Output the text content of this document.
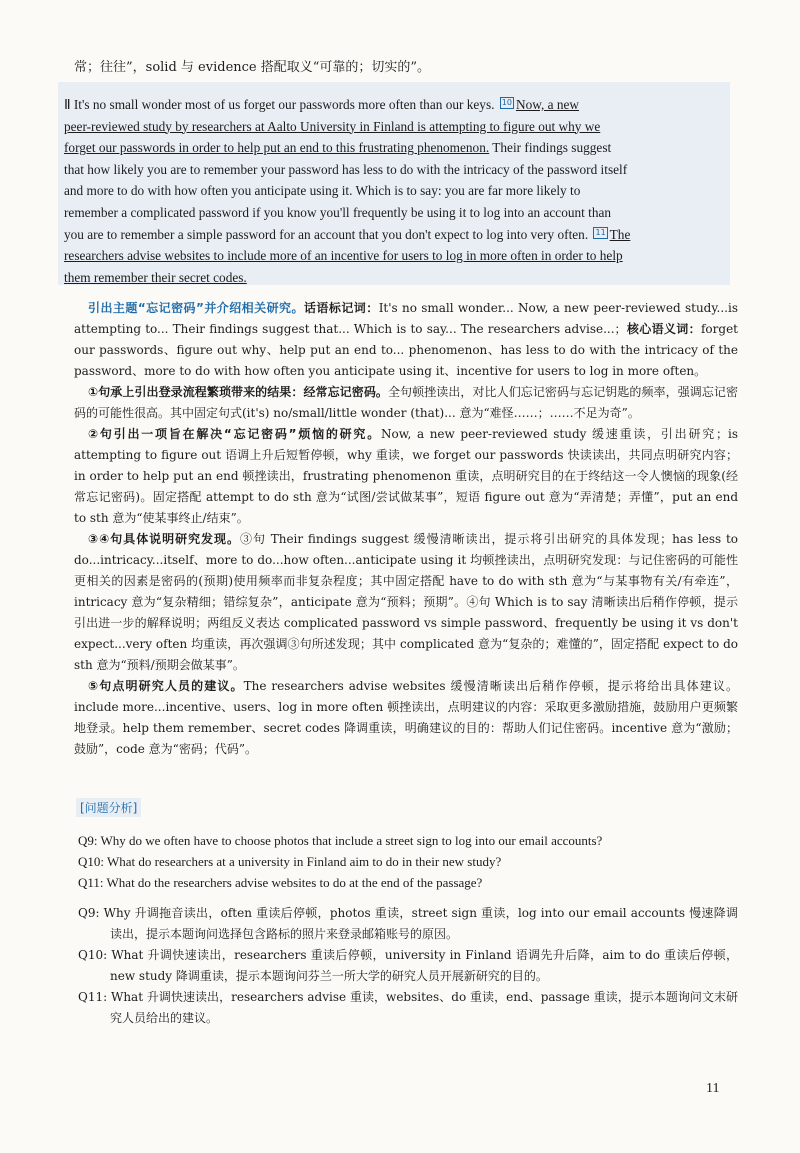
常；往往”，solid 与 evidence 搭配取义“可靠的；切实的”。
Ⅱ It's no small wonder most of us forget our passwords more often than our keys. 10 Now, a new
peer-reviewed study by researchers at Aalto University in Finland is attempting to figure out why we
forget our passwords in order to help put an end to this frustrating phenomenon. Their findings suggest
that how likely you are to remember your password has less to do with the intricacy of the password itself
and more to do with how often you anticipate using it. Which is to say: you are far more likely to
remember a complicated password if you know you'll frequently be using it to log into an account than
you are to remember a simple password for an account that you don't expect to log into very often. 11 The
researchers advise websites to include more of an incentive for users to log in more often in order to help
them remember their secret codes.

引出主题“忘记密码”并介绍相关研究。话语标记词：It's no small wonder... Now, a new peer-reviewed study...is attempting to... Their findings suggest that... Which is to say... The researchers advise...；核心语义词：forget our passwords、figure out why、help put an end to... phenomenon、has less to do with the intricacy of the password、more to do with how often you anticipate using it、incentive for users to log in more often。

①句承上引出登录流程繁琐带来的结果：经常忘记密码。全句顿挫读出，对比人们忘记密码与忘记钥匙的频率，强调忘记密码的可能性很高。其中固定句式(it's) no/small/little wonder (that)... 意为“难怪……；……不足为奇”。

②句引出一项旨在解决“忘记密码”烦恼的研究。Now, a new peer-reviewed study 缓速重读，引出研究；is attempting to figure out 语调上升后短暂停顿，why 重读，we forget our passwords 快读读出，共同点明研究内容；in order to help put an end 顿挫读出，frustrating phenomenon 重读，点明研究目的在于终结这一令人懊恼的现象(经常忘记密码)。固定搭配 attempt to do sth 意为“试图/尝试做某事”，短语 figure out 意为“弄清楚；弄懂”，put an end to sth 意为“使某事终止/结束”。

③④句具体说明研究发现。③句 Their findings suggest 缓慢清晰读出，提示将引出研究的具体发现；has less to do...intricacy...itself、more to do...how often...anticipate using it 均顿挫读出，点明研究发现：与记住密码的可能性更相关的因素是密码的(预期)使用频率而非复杂程度；其中固定搭配 have to do with sth 意为“与某事物有关/有牵连”，intricacy 意为“复杂精细；错综复杂”，anticipate 意为“预料；预期”。④句 Which is to say 清晰读出后稍作停顿，提示引出进一步的解释说明；两组反义表达 complicated password vs simple password、frequently be using it vs don't expect...very often 均重读，再次强调③句所述发现；其中 complicated 意为“复杂的；难懂的”，固定搭配 expect to do sth 意为“预料/预期会做某事”。

⑤句点明研究人员的建议。The researchers advise websites 缓慢清晰读出后稍作停顿，提示将给出具体建议。include more...incentive、users、log in more often 顿挫读出，点明建议的内容：采取更多激励措施，鼓励用户更频繁地登录。help them remember、secret codes 降调重读，明确建议的目的：帮助人们记住密码。incentive 意为“激励；鼓励”，code 意为“密码；代码”。

[问题分析]
Q9: Why do we often have to choose photos that include a street sign to log into our email accounts?
Q10: What do researchers at a university in Finland aim to do in their new study?
Q11: What do the researchers advise websites to do at the end of the passage?

Q9: Why 升调拖音读出，often 重读后停顿，photos 重读，street sign 重读，log into our email accounts 慢速降调读出，提示本题询问选择包含路标的照片来登录邮箱账号的原因。

Q10: What 升调快速读出，researchers 重读后停顿，university in Finland 语调先升后降，aim to do 重读后停顿，new study 降调重读，提示本题询问芬兰一所大学的研究人员开展新研究的目的。

Q11: What 升调快速读出，researchers advise 重读，websites、do 重读，end、passage 重读，提示本题询问文末研究人员给出的建议。

11
